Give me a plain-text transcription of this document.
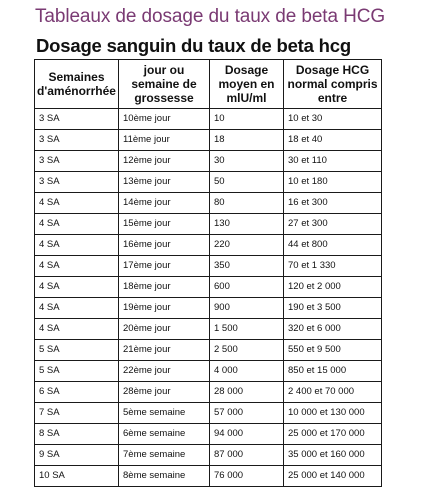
Tableaux de dosage du taux de beta HCG
Dosage sanguin du taux de beta hcg
Semaines d'aménorrhée	jour ou semaine de grossesse	Dosage moyen en mlU/ml	Dosage HCG normal compris entre
3 SA	10ème jour	10	10 et 30
3 SA	11ème jour	18	18 et 40
3 SA	12ème jour	30	30 et 110
3 SA	13ème jour	50	10 et 180
4 SA	14ème jour	80	16 et 300
4 SA	15ème jour	130	27 et 300
4 SA	16ème jour	220	44 et 800
4 SA	17ème jour	350	70 et 1 330
4 SA	18ème jour	600	120 et 2 000
4 SA	19ème jour	900	190 et 3 500
4 SA	20ème jour	1 500	320 et 6 000
5 SA	21ème jour	2 500	550 et 9 500
5 SA	22ème jour	4 000	850 et 15 000
6 SA	28ème jour	28 000	2 400 et 70 000
7 SA	5ème semaine	57 000	10 000 et 130 000
8 SA	6ème semaine	94 000	25 000 et 170 000
9 SA	7ème semaine	87 000	35 000 et 160 000
10 SA	8ème semaine	76 000	25 000 et 140 000
